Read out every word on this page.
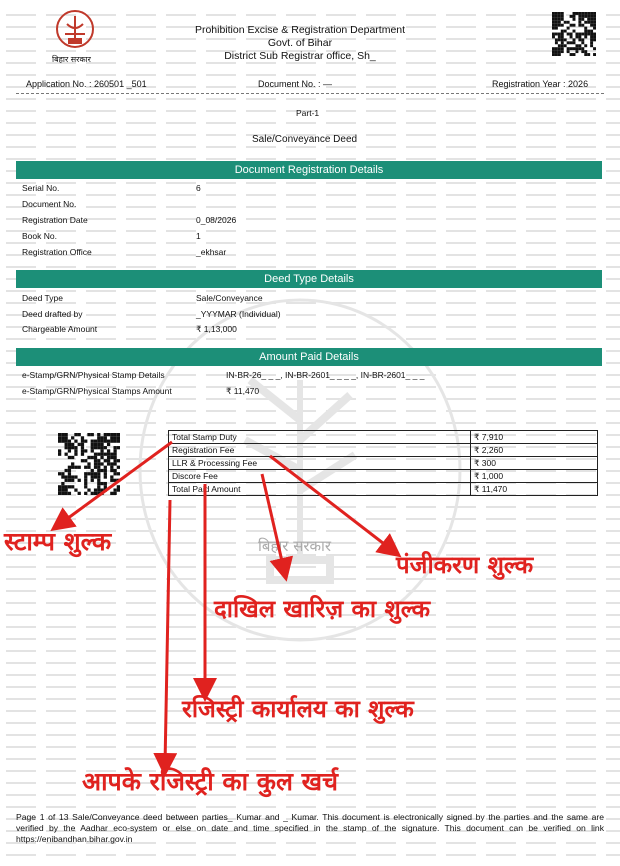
बिहार सरकार
बिहार सरकार
Prohibition Excise & Registration Department
Govt. of Bihar
District Sub Registrar office, Sh_
Application No. : 260501 _501	Document No. : —	Registration Year : 2026
Part-1
Sale/Conveyance Deed
Document Registration Details
Serial No.	6
Document No.
Registration Date	0_08/2026
Book No.	1
Registration Office	_ekhsar
Deed Type Details
Deed Type	Sale/Conveyance
Deed drafted by	_YYYMAR (Individual)
Chargeable Amount	₹ 1,13,000
Amount Paid Details
e-Stamp/GRN/Physical Stamp Details	IN-BR-26_ _ _, IN-BR-2601_ _ _ _, IN-BR-2601_ _ _
e-Stamp/GRN/Physical Stamps Amount	₹ 11,470
Total Stamp Duty	₹ 7,910
Registration Fee	₹ 2,260
LLR & Processing Fee	₹ 300
Discore Fee	₹ 1,000
Total Paid Amount	₹ 11,470
स्टाम्प शुल्क
पंजीकरण शुल्क
दाखिल खारिज़ का शुल्क
रजिस्ट्री कार्यालय का शुल्क
आपके रजिस्ट्री का कुल खर्च
Page 1 of 13 Sale/Conveyance deed between parties_ Kumar and _ Kumar. This document is electronically signed by the parties and the same are verified by the Aadhar eco-system or else on date and time specified in the stamp of the signature. This document can be verified on link https://enibandhan.bihar.gov.in
